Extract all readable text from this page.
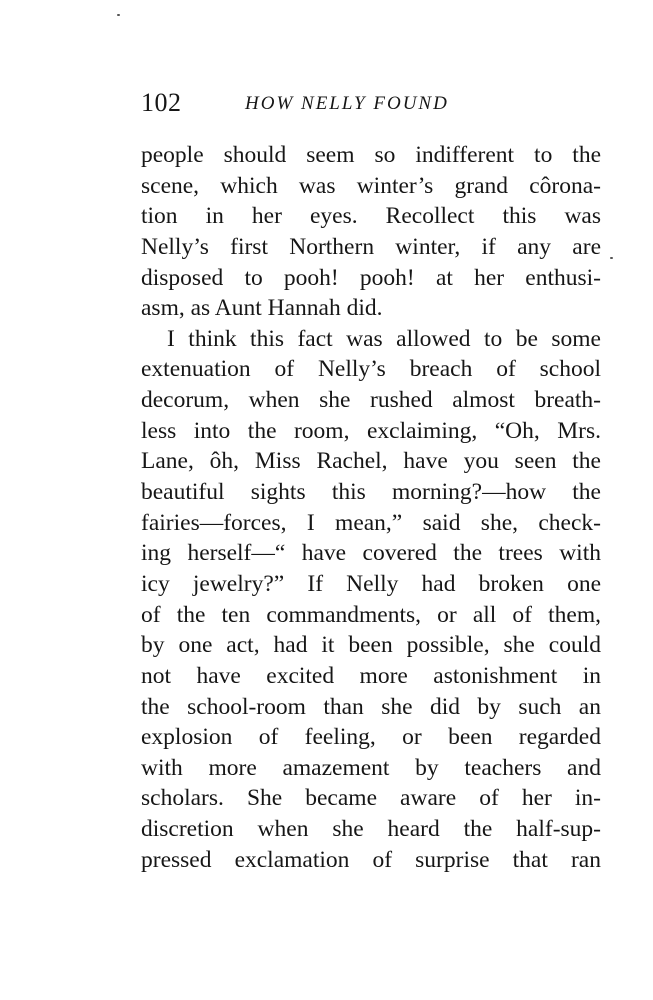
102	HOW NELLY FOUND
people should seem so indifferent to the
scene, which was winter’s grand côrona-
tion in her eyes. Recollect this was
Nelly’s first Northern winter, if any are
disposed to pooh! pooh! at her enthusi-
asm, as Aunt Hannah did.
I think this fact was allowed to be some
extenuation of Nelly’s breach of school
decorum, when she rushed almost breath-
less into the room, exclaiming, “Oh, Mrs.
Lane, ôh, Miss Rachel, have you seen the
beautiful sights this morning?—how the
fairies—forces, I mean,” said she, check-
ing herself—“ have covered the trees with
icy jewelry?” If Nelly had broken one
of the ten commandments, or all of them,
by one act, had it been possible, she could
not have excited more astonishment in
the school-room than she did by such an
explosion of feeling, or been regarded
with more amazement by teachers and
scholars. She became aware of her in-
discretion when she heard the half-sup-
pressed exclamation of surprise that ran
